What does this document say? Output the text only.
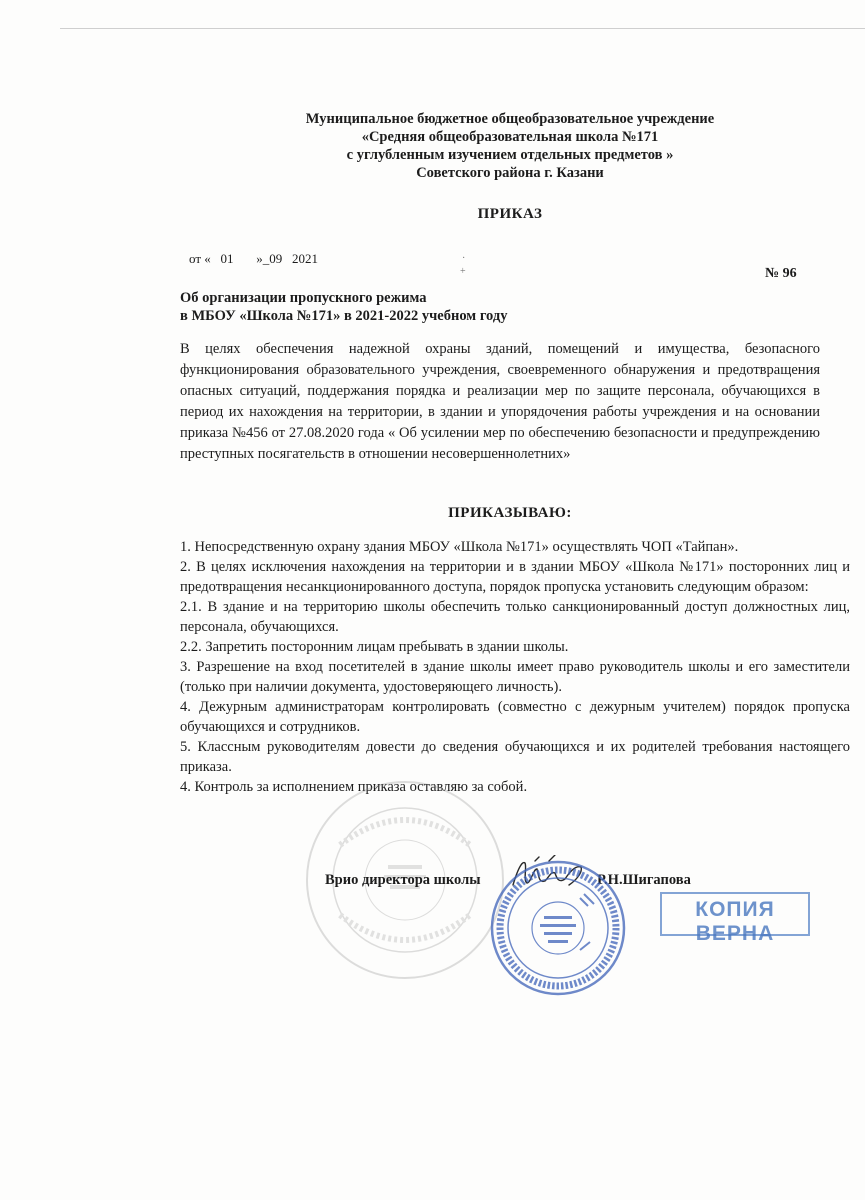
Муниципальное бюджетное общеобразовательное учреждение
«Средняя общеобразовательная школа №171
с углубленным изучением отдельных предметов »
Советского района г. Казани
ПРИКАЗ
от «   01       »_09   2021	·
+	№ 96
Об организации пропускного режима
в МБОУ «Школа №171» в 2021-2022 учебном году
В целях обеспечения надежной охраны зданий, помещений и имущества, безопасного функционирования образовательного учреждения, своевременного обнаружения и предотвращения опасных ситуаций, поддержания порядка и реализации мер по защите персонала, обучающихся в период их нахождения на территории, в здании и упорядочения работы учреждения и на основании приказа №456 от 27.08.2020 года « Об усилении мер по обеспечению безопасности и предупреждению преступных посягательств в отношении несовершеннолетних»
ПРИКАЗЫВАЮ:

1. Непосредственную охрану здания МБОУ «Школа №171» осуществлять ЧОП «Тайпан».

2. В целях исключения нахождения на территории и в здании МБОУ «Школа №171» посторонних лиц и предотвращения несанкционированного доступа, порядок пропуска установить следующим образом:

2.1. В здание и на территорию школы обеспечить только санкционированный доступ должностных лиц, персонала, обучающихся.

2.2. Запретить посторонним лицам пребывать в здании школы.

3. Разрешение на вход посетителей в здание школы имеет право руководитель школы и его заместители (только при наличии документа, удостоверяющего личность).

4. Дежурным администраторам контролировать (совместно с дежурным учителем) порядок пропуска обучающихся и сотрудников.

5. Классным руководителям довести до сведения обучающихся и их родителей требования настоящего приказа.

4. Контроль за исполнением приказа оставляю за собой.

Врио директора школы	Р.Н.Шигапова
КОПИЯ ВЕРНА
